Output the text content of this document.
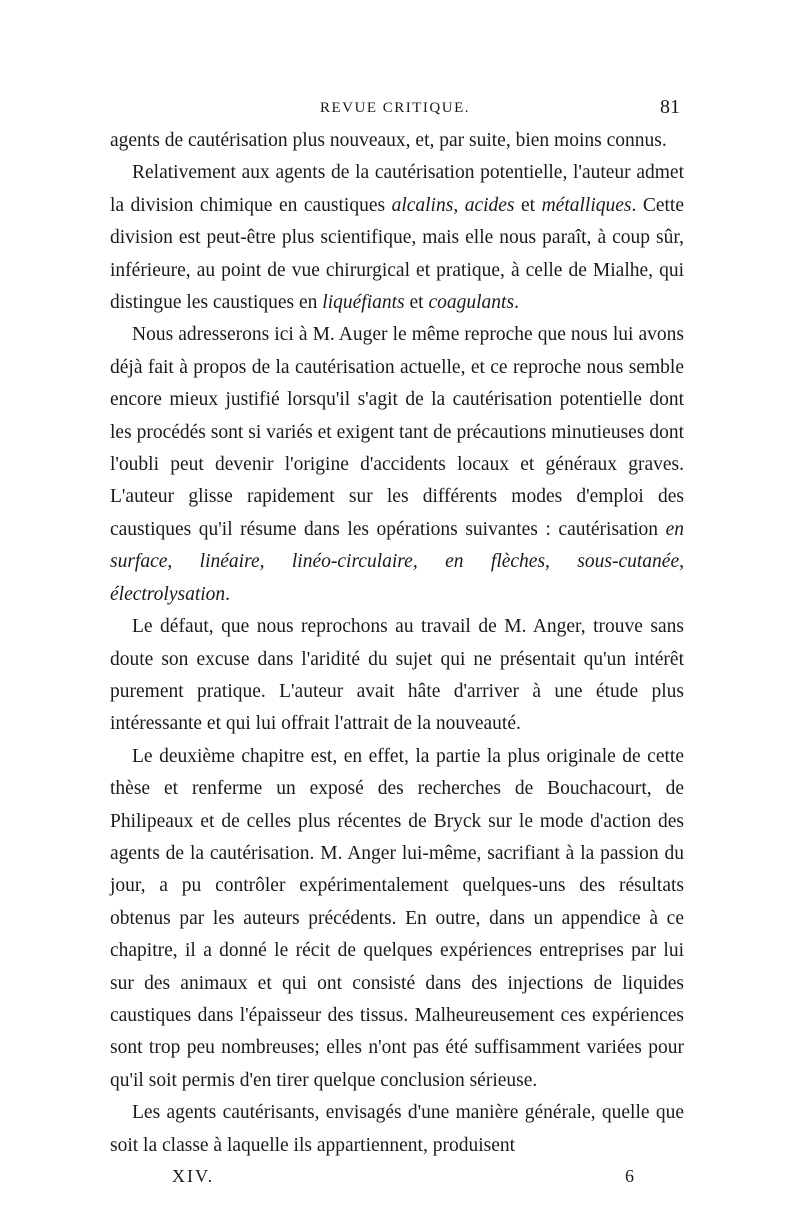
REVUE CRITIQUE.	81

agents de cautérisation plus nouveaux, et, par suite, bien moins connus.

Relativement aux agents de la cautérisation potentielle, l'auteur admet la division chimique en caustiques alcalins, acides et métalliques. Cette division est peut-être plus scientifique, mais elle nous paraît, à coup sûr, inférieure, au point de vue chirurgical et pratique, à celle de Mialhe, qui distingue les caustiques en liquéfiants et coagulants.

Nous adresserons ici à M. Auger le même reproche que nous lui avons déjà fait à propos de la cautérisation actuelle, et ce reproche nous semble encore mieux justifié lorsqu'il s'agit de la cautérisation potentielle dont les procédés sont si variés et exigent tant de précautions minutieuses dont l'oubli peut devenir l'origine d'accidents locaux et généraux graves. L'auteur glisse rapidement sur les différents modes d'emploi des caustiques qu'il résume dans les opérations suivantes : cautérisation en surface, linéaire, linéo-circulaire, en flèches, sous-cutanée, électrolysation.

Le défaut, que nous reprochons au travail de M. Anger, trouve sans doute son excuse dans l'aridité du sujet qui ne présentait qu'un intérêt purement pratique. L'auteur avait hâte d'arriver à une étude plus intéressante et qui lui offrait l'attrait de la nouveauté.

Le deuxième chapitre est, en effet, la partie la plus originale de cette thèse et renferme un exposé des recherches de Bouchacourt, de Philipeaux et de celles plus récentes de Bryck sur le mode d'action des agents de la cautérisation. M. Anger lui-même, sacrifiant à la passion du jour, a pu contrôler expérimentalement quelques-uns des résultats obtenus par les auteurs précédents. En outre, dans un appendice à ce chapitre, il a donné le récit de quelques expériences entreprises par lui sur des animaux et qui ont consisté dans des injections de liquides caustiques dans l'épaisseur des tissus. Malheureusement ces expériences sont trop peu nombreuses; elles n'ont pas été suffisamment variées pour qu'il soit permis d'en tirer quelque conclusion sérieuse.

Les agents cautérisants, envisagés d'une manière générale, quelle que soit la classe à laquelle ils appartiennent, produisent

XIV.	6
